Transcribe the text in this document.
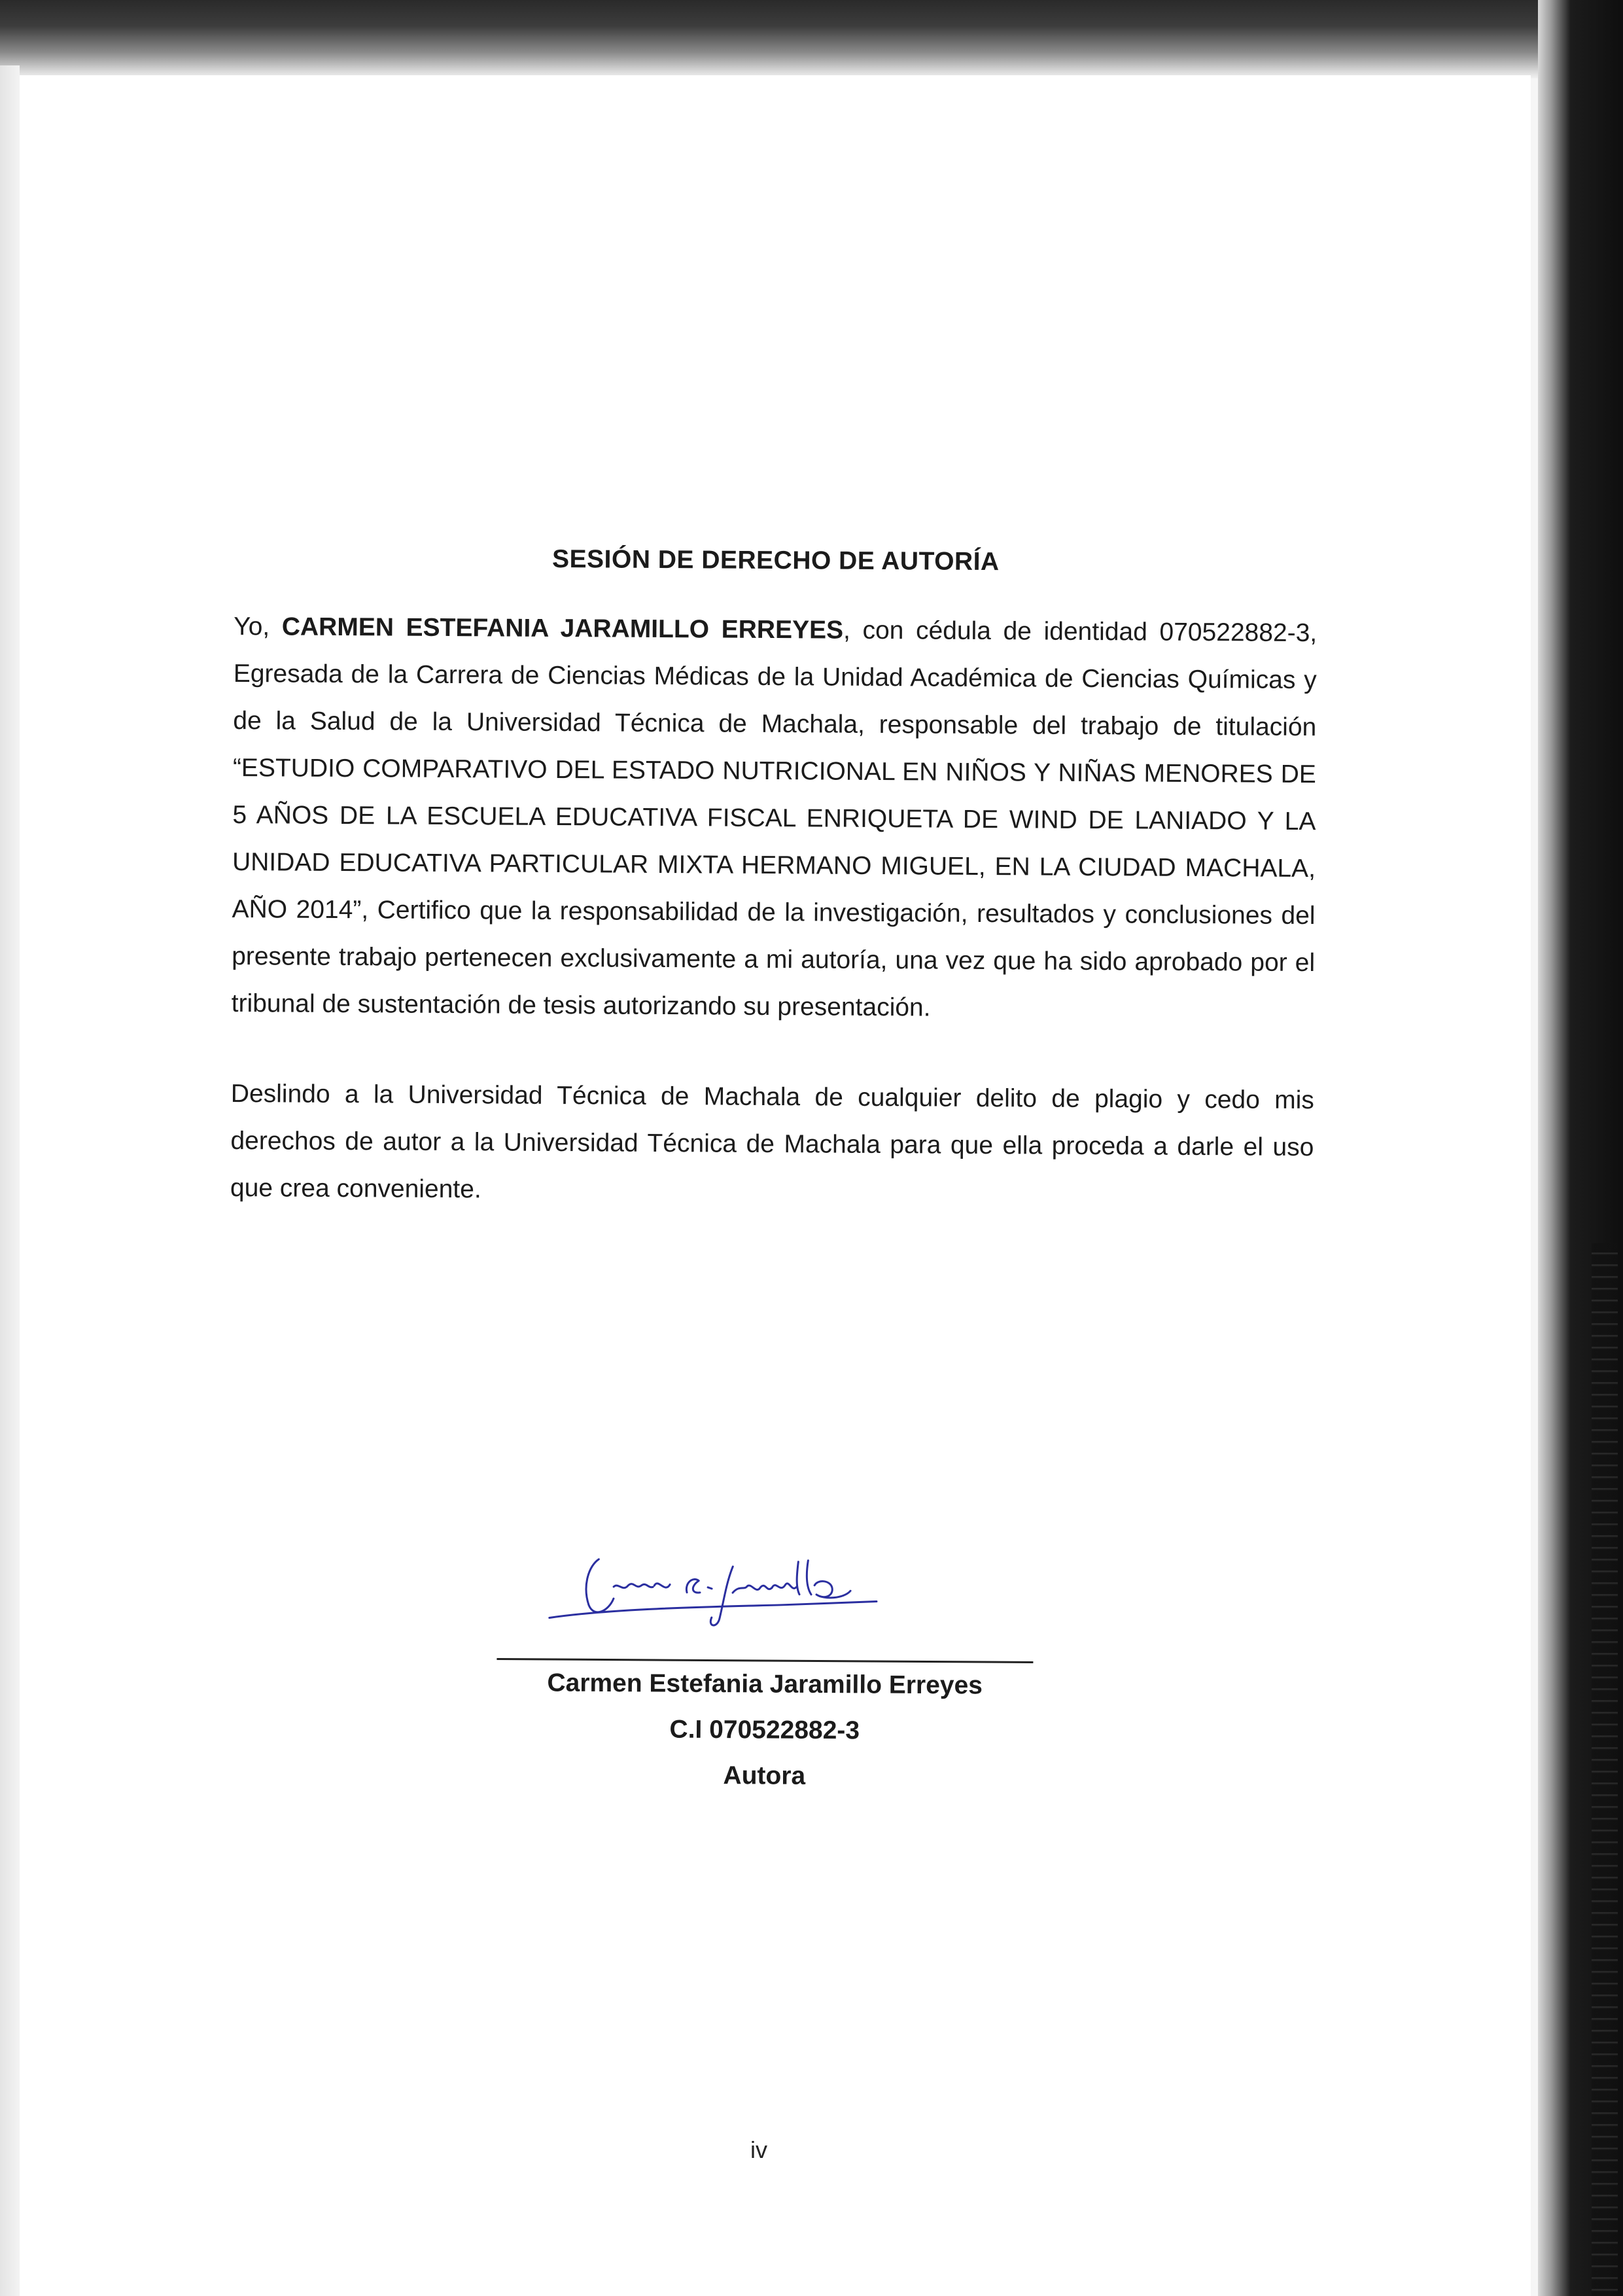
SESIÓN DE DERECHO DE AUTORÍA

Yo, CARMEN ESTEFANIA JARAMILLO ERREYES, con cédula de identidad 070522882-3, Egresada de la Carrera de Ciencias Médicas de la Unidad Académica de Ciencias Químicas y de la Salud de la Universidad Técnica de Machala, responsable del trabajo de titulación “ESTUDIO COMPARATIVO DEL ESTADO NUTRICIONAL EN NIÑOS Y NIÑAS MENORES DE 5 AÑOS DE LA ESCUELA EDUCATIVA FISCAL ENRIQUETA DE WIND DE LANIADO Y LA UNIDAD EDUCATIVA PARTICULAR MIXTA HERMANO MIGUEL, EN LA CIUDAD MACHALA, AÑO 2014”, Certifico que la responsabilidad de la investigación, resultados y conclusiones del presente trabajo pertenecen exclusivamente a mi autoría, una vez que ha sido aprobado por el tribunal de sustentación de tesis autorizando su presentación.

Deslindo a la Universidad Técnica de Machala de cualquier delito de plagio y cedo mis derechos de autor a la Universidad Técnica de Machala para que ella proceda a darle el uso que crea conveniente.

Carmen Estefania Jaramillo Erreyes
C.I 070522882-3
Autora
iv
